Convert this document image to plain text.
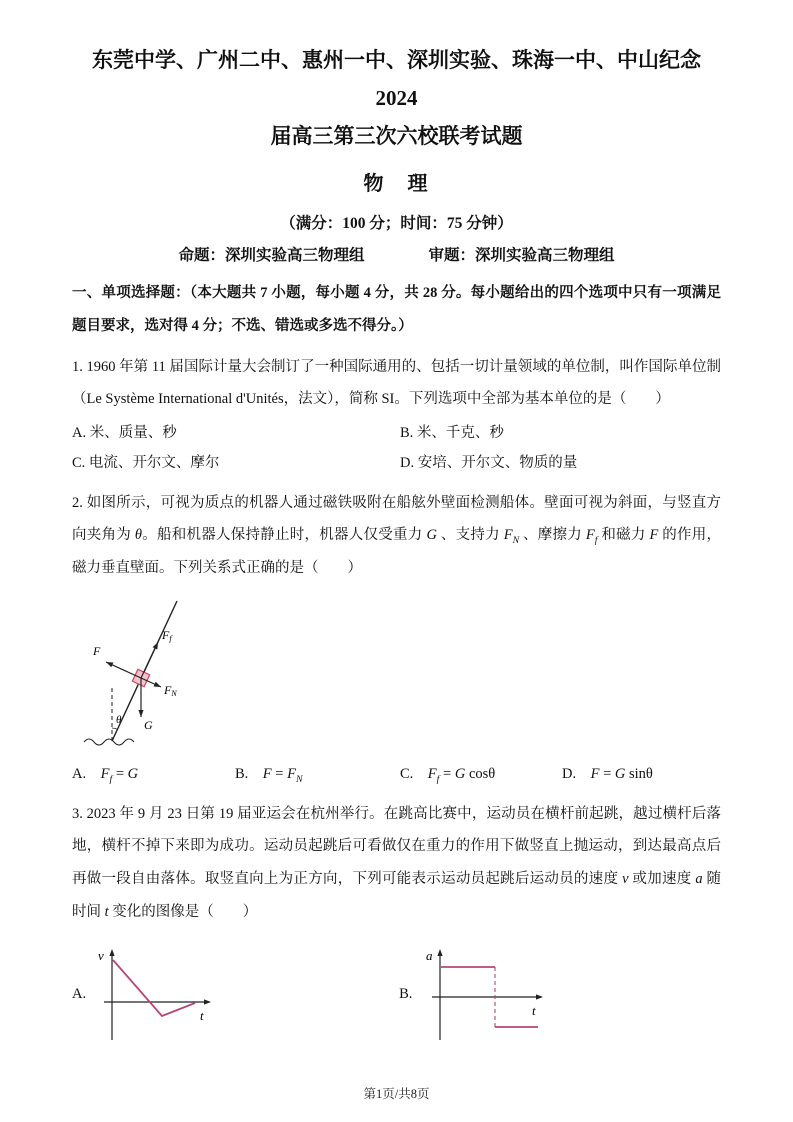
东莞中学、广州二中、惠州一中、深圳实验、珠海一中、中山纪念 2024
届高三第三次六校联考试题
物　理
（满分：100 分；时间：75 分钟）
命题：深圳实验高三物理组	审题：深圳实验高三物理组

一、单项选择题：（本大题共 7 小题，每小题 4 分，共 28 分。每小题给出的四个选项中只有一项满足题目要求，选对得 4 分；不选、错选或多选不得分。）

1. 1960 年第 11 届国际计量大会制订了一种国际通用的、包括一切计量领域的单位制，叫作国际单位制（Le Système International d'Unités，法文），简称 SI。下列选项中全部为基本单位的是（　　）

A. 米、质量、秒	B. 米、千克、秒
C. 电流、开尔文、摩尔	D. 安培、开尔文、物质的量

2. 如图所示，可视为质点的机器人通过磁铁吸附在船舷外壁面检测船体。壁面可视为斜面，与竖直方向夹角为 θ。船和机器人保持静止时，机器人仅受重力 G 、支持力 $F_N$ 、摩擦力 $F_f$ 和磁力 F 的作用，磁力垂直壁面。下列关系式正确的是（　　）

θ
Ff
F
FN
G
A.　$F_f = G$	B.　$F = F_N$	C.　$F_f = G$ cosθ	D.　F = G sinθ

3. 2023 年 9 月 23 日第 19 届亚运会在杭州举行。在跳高比赛中，运动员在横杆前起跳，越过横杆后落地，横杆不掉下来即为成功。运动员起跳后可看做仅在重力的作用下做竖直上抛运动，到达最高点后再做一段自由落体。取竖直向上为正方向，下列可能表示运动员起跳后运动员的速度 v 或加速度 a 随时间 t 变化的图像是（　　）

A.
v
t
B.
a
t
第1页/共8页
